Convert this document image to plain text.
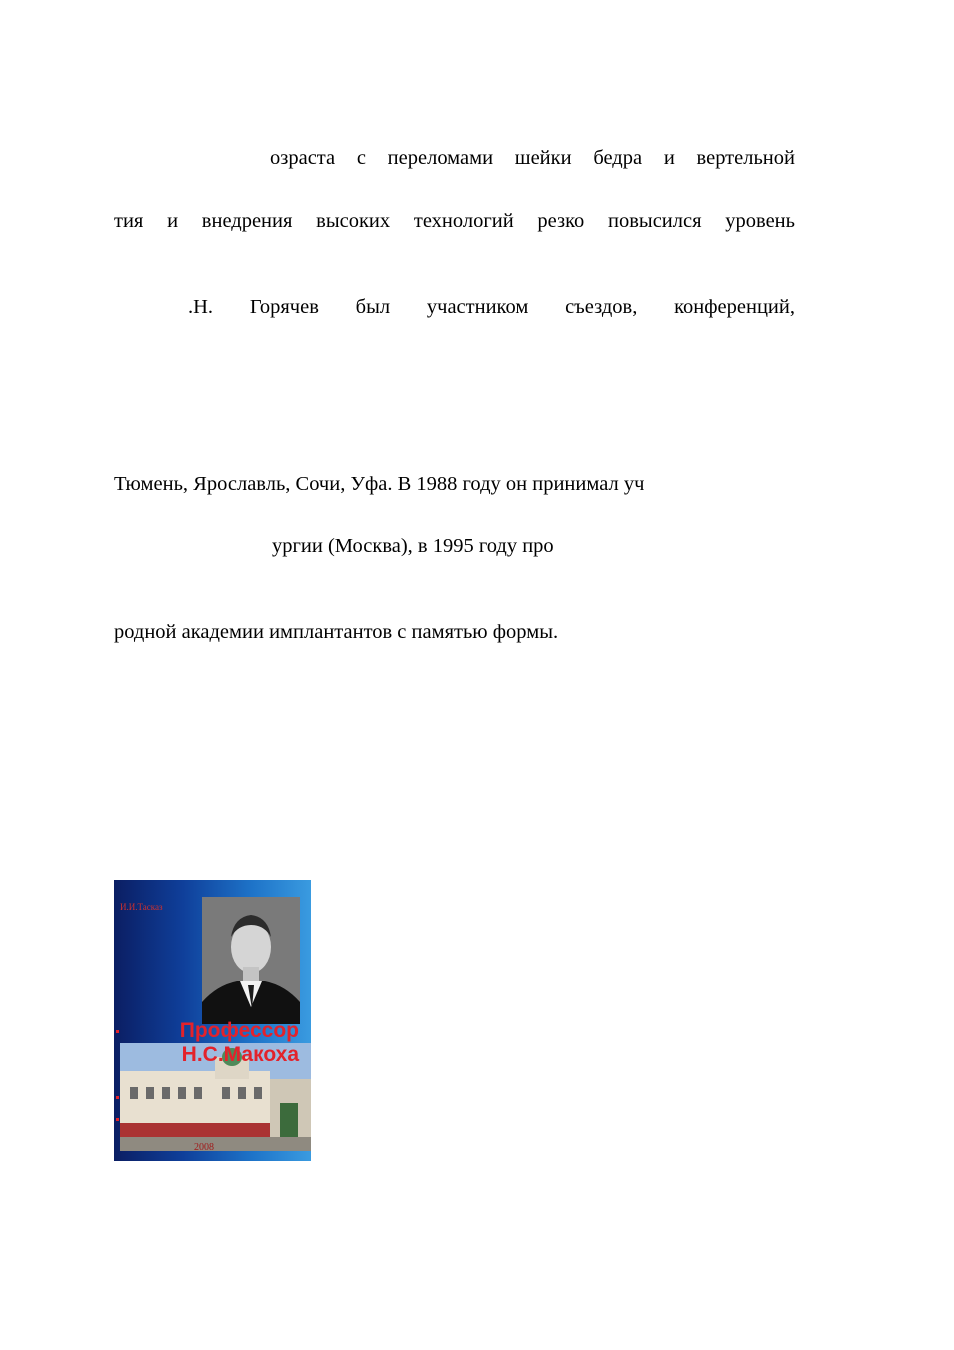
озраста с переломами шейки бедра и вертельной
тия и внедрения высоких технологий резко повысился уровень
.Н. Горячев был участником съездов, конференций,
Тюмень, Ярославль, Сочи, Уфа. В 1988 году он принимал уч
ургии (Москва), в 1995 году про
родной академии имплантантов с памятью формы.
И.И.Тасказ
Профессор
Н.С.Макоха
2008
